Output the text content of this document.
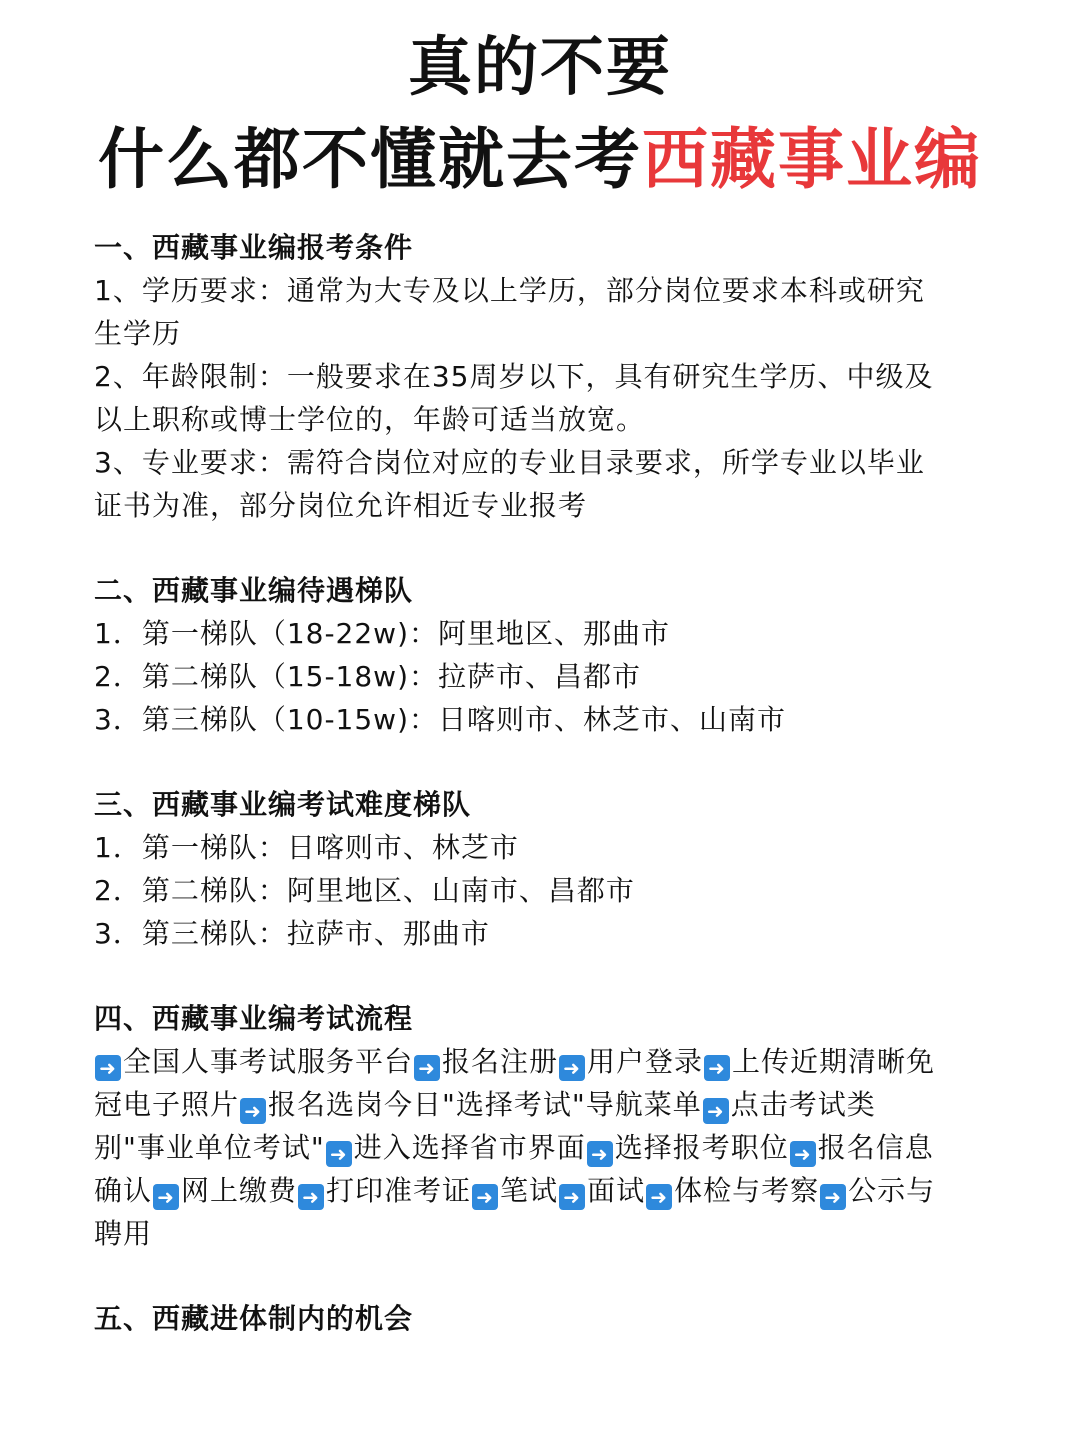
真的不要
什么都不懂就去考西藏事业编
一、西藏事业编报考条件
1、学历要求：通常为大专及以上学历，部分岗位要求本科或研究
生学历
2、年龄限制：一般要求在35周岁以下，具有研究生学历、中级及
以上职称或博士学位的，年龄可适当放宽。
3、专业要求：需符合岗位对应的专业目录要求，所学专业以毕业
证书为准，部分岗位允许相近专业报考
二、西藏事业编待遇梯队
1．第一梯队（18-22w)：阿里地区、那曲市
2．第二梯队（15-18w)：拉萨市、昌都市
3．第三梯队（10-15w)：日喀则市、林芝市、山南市
三、西藏事业编考试难度梯队
1．第一梯队：日喀则市、林芝市
2．第二梯队：阿里地区、山南市、昌都市
3．第三梯队：拉萨市、那曲市
四、西藏事业编考试流程
➜ 全国人事考试服务平台 ➜ 报名注册 ➜ 用户登录 ➜ 上传近期清晰免
冠电子照片 ➜ 报名选岗今日"选择考试"导航菜单 ➜ 点击考试类
别"事业单位考试" ➜ 进入选择省市界面 ➜ 选择报考职位 ➜ 报名信息
确认 ➜ 网上缴费 ➜ 打印准考证 ➜ 笔试 ➜ 面试 ➜ 体检与考察 ➜ 公示与
聘用
五、西藏进体制内的机会
